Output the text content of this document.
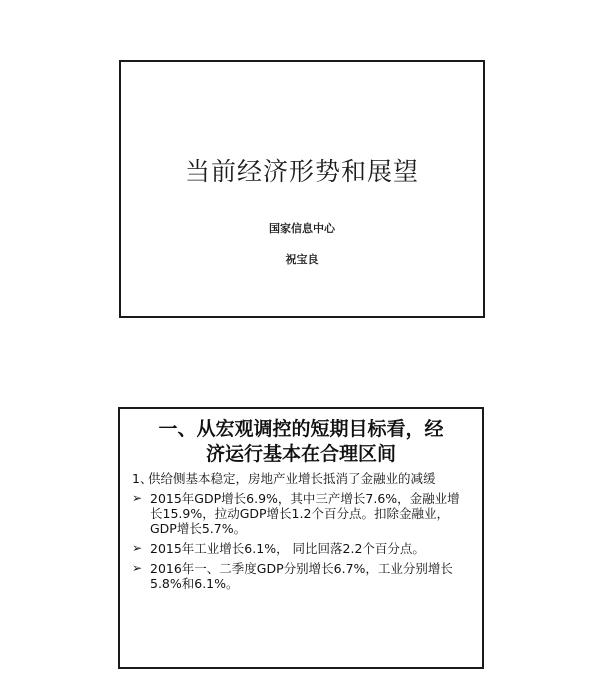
当前经济形势和展望
国家信息中心
祝宝良
一、从宏观调控的短期目标看，经
济运行基本在合理区间
1、
供给侧基本稳定，房地产业增长抵消了金融业的减缓
➢ 2015年GDP增长6.9%，其中三产增长7.6%，金融业增长15.9%，拉动GDP增长1.2个百分点。扣除金融业，GDP增长5.7%。
➢ 2015年工业增长6.1%， 同比回落2.2个百分点。
➢ 2016年一、二季度GDP分别增长6.7%，工业分别增长5.8%和6.1%。
